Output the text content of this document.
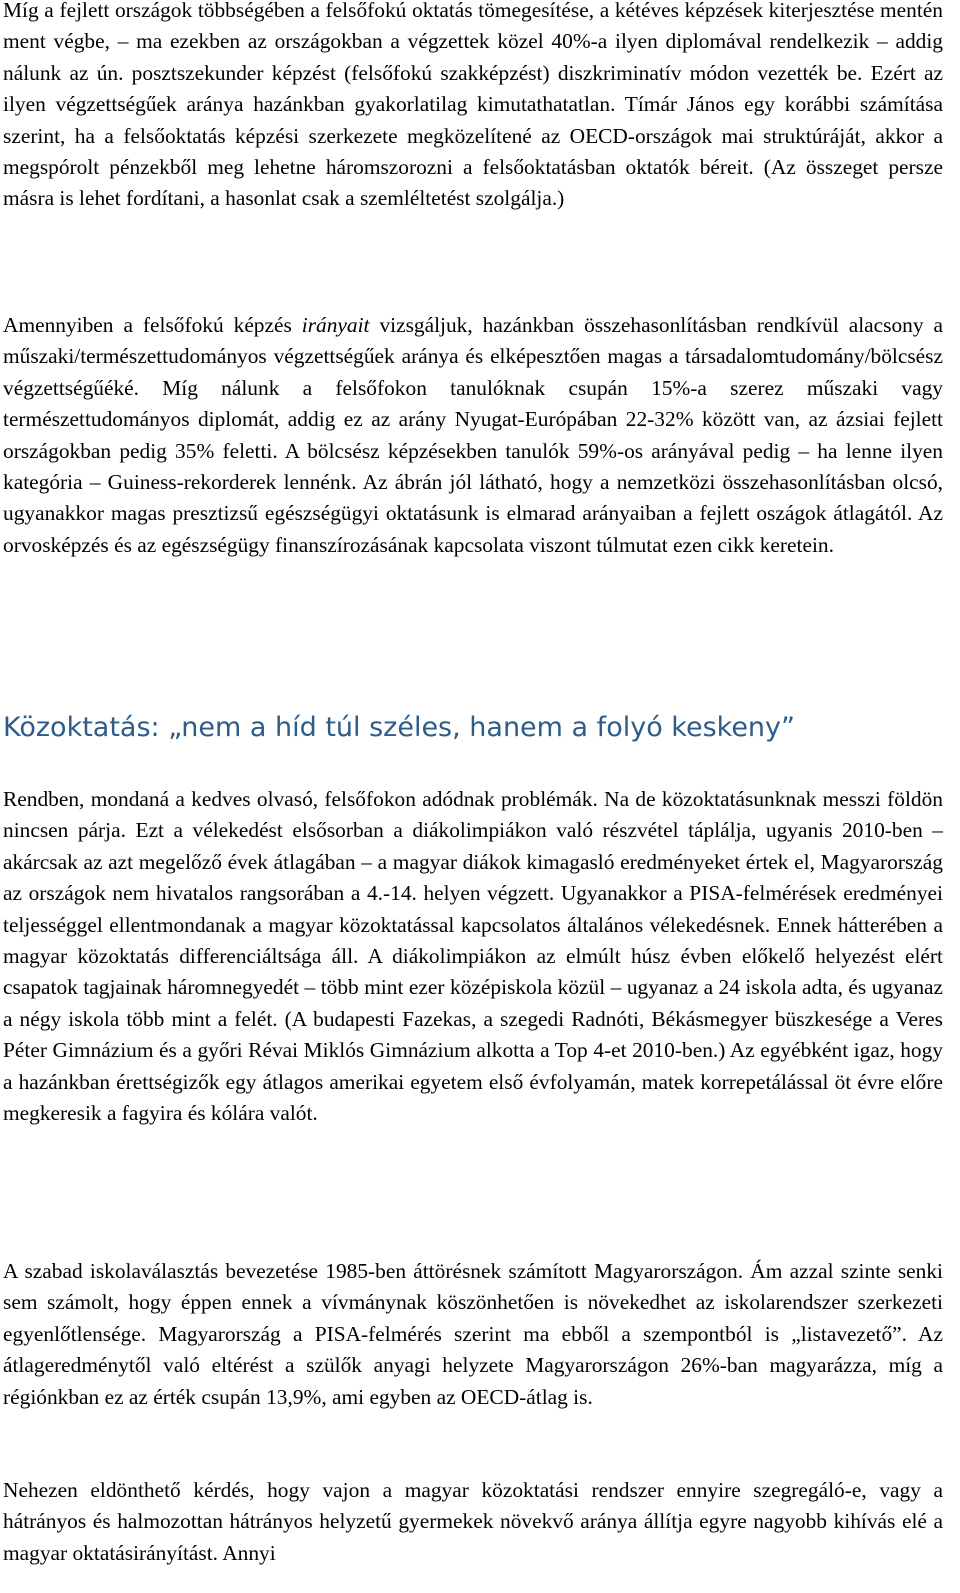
Míg a fejlett országok többségében a felsőfokú oktatás tömegesítése, a kétéves képzések kiterjesztése mentén ment végbe, – ma ezekben az országokban a végzettek közel 40%-a ilyen diplomával rendelkezik – addig nálunk az ún. posztszekunder képzést (felsőfokú szakképzést) diszkriminatív módon vezették be. Ezért az ilyen végzettségűek aránya hazánkban gyakorlatilag kimutathatatlan. Tímár János egy korábbi számítása szerint, ha a felsőoktatás képzési szerkezete megközelítené az OECD-országok mai struktúráját, akkor a megspórolt pénzekből meg lehetne háromszorozni a felsőoktatásban oktatók béreit. (Az összeget persze másra is lehet fordítani, a hasonlat csak a szemléltetést szolgálja.)

Amennyiben a felsőfokú képzés irányait vizsgáljuk, hazánkban összehasonlításban rendkívül alacsony a műszaki/természettudományos végzettségűek aránya és elképesztően magas a társadalomtudomány/bölcsész végzettségűéké. Míg nálunk a felsőfokon tanulóknak csupán 15%-a szerez műszaki vagy természettudományos diplomát, addig ez az arány Nyugat-Európában 22-32% között van, az ázsiai fejlett országokban pedig 35% feletti. A bölcsész képzésekben tanulók 59%-os arányával pedig – ha lenne ilyen kategória – Guiness-rekorderek lennénk. Az ábrán jól látható, hogy a nemzetközi összehasonlításban olcsó, ugyanakkor magas presztizsű egészségügyi oktatásunk is elmarad arányaiban a fejlett oszágok átlagától. Az orvosképzés és az egészségügy finanszírozásának kapcsolata viszont túlmutat ezen cikk keretein.

Közoktatás: „nem a híd túl széles, hanem a folyó keskeny”

Rendben, mondaná a kedves olvasó, felsőfokon adódnak problémák. Na de közoktatásunknak messzi földön nincsen párja. Ezt a vélekedést elsősorban a diákolimpiákon való részvétel táplálja, ugyanis 2010-ben – akárcsak az azt megelőző évek átlagában – a magyar diákok kimagasló eredményeket értek el, Magyarország az országok nem hivatalos rangsorában a 4.-14. helyen végzett. Ugyanakkor a PISA-felmérések eredményei teljességgel ellentmondanak a magyar közoktatással kapcsolatos általános vélekedésnek. Ennek hátterében a magyar közoktatás differenciáltsága áll. A diákolimpiákon az elmúlt húsz évben előkelő helyezést elért csapatok tagjainak háromnegyedét – több mint ezer középiskola közül – ugyanaz a 24 iskola adta, és ugyanaz a négy iskola több mint a felét. (A budapesti Fazekas, a szegedi Radnóti, Békásmegyer büszkesége a Veres Péter Gimnázium és a győri Révai Miklós Gimnázium alkotta a Top 4-et 2010-ben.) Az egyébként igaz, hogy a hazánkban érettségizők egy átlagos amerikai egyetem első évfolyamán, matek korrepetálással öt évre előre megkeresik a fagyira és kólára valót.

A szabad iskolaválasztás bevezetése 1985-ben áttörésnek számított Magyarországon. Ám azzal szinte senki sem számolt, hogy éppen ennek a vívmánynak köszönhetően is növekedhet az iskolarendszer szerkezeti egyenlőtlensége. Magyarország a PISA-felmérés szerint ma ebből a szempontból is „listavezető”. Az átlageredménytől való eltérést a szülők anyagi helyzete Magyarországon 26%-ban magyarázza, míg a régiónkban ez az érték csupán 13,9%, ami egyben az OECD-átlag is.

Nehezen eldönthető kérdés, hogy vajon a magyar közoktatási rendszer ennyire szegregáló-e, vagy a hátrányos és halmozottan hátrányos helyzetű gyermekek növekvő aránya állítja egyre nagyobb kihívás elé a magyar oktatásirányítást. Annyi
